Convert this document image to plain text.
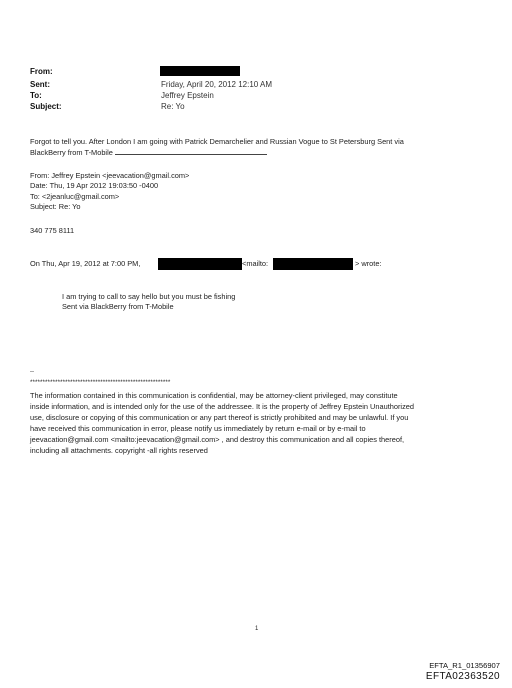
From:
Sent:	Friday, April 20, 2012 12:10 AM
To:	Jeffrey Epstein
Subject:	Re: Yo
Forgot to tell you. After London I am going with Patrick Demarchelier and Russian Vogue to St Petersburg Sent via
BlackBerry from T-Mobile
From: Jeffrey Epstein <jeevacation@gmail.com>
Date: Thu, 19 Apr 2012 19:03:50 -0400
To: <2jeanluc@gmail.com>
Subject: Re: Yo
340 775 8111
On Thu, Apr 19, 2012 at 7:00 PM,	<mailto:	> wrote:
I am trying to call to say hello but you must be fishing
Sent via BlackBerry from T-Mobile
--
********************************************************
The information contained in this communication is confidential, may be attorney-client privileged, may constitute
inside information, and is intended only for the use of the addressee. It is the property of Jeffrey Epstein Unauthorized
use, disclosure or copying of this communication or any part thereof is strictly prohibited and may be unlawful. If you
have received this communication in error, please notify us immediately by return e-mail or by e-mail to
jeevacation@gmail.com <mailto:jeevacation@gmail.com> , and destroy this communication and all copies thereof,
including all attachments. copyright -all rights reserved
1
EFTA_R1_01356907
EFTA02363520
